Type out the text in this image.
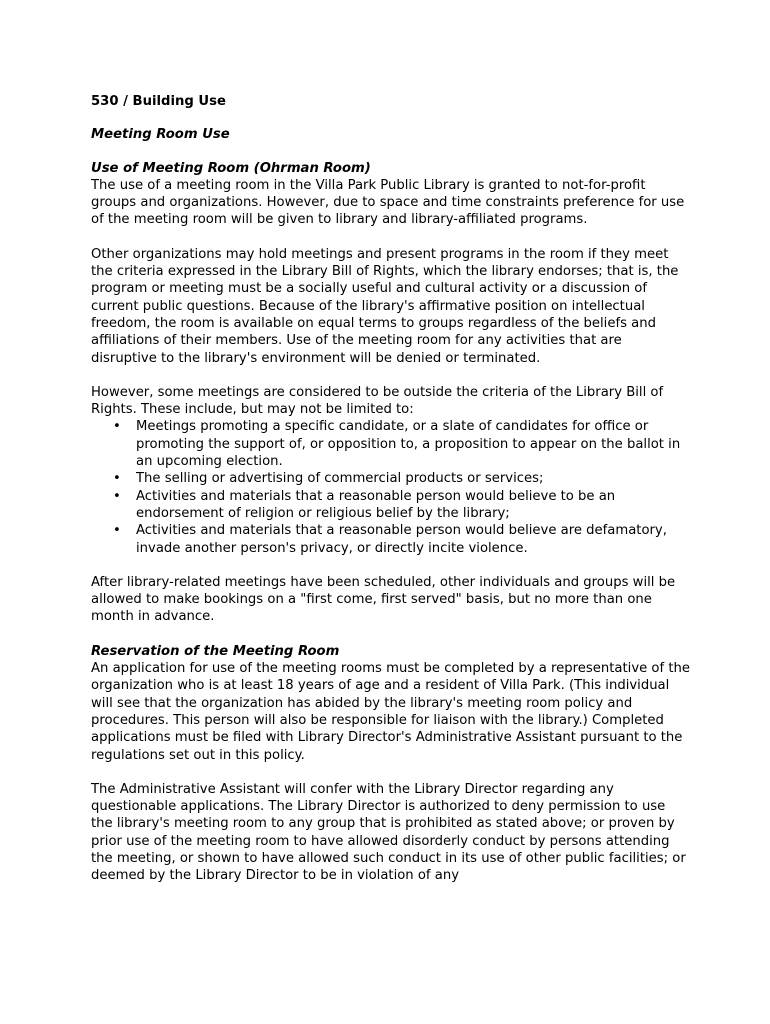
530 / Building Use

Meeting Room Use

Use of Meeting Room (Ohrman Room)

The use of a meeting room in the Villa Park Public Library is granted to not-for-profit groups and organizations. However, due to space and time constraints preference for use of the meeting room will be given to library and library-affiliated programs.

Other organizations may hold meetings and present programs in the room if they meet the criteria expressed in the Library Bill of Rights, which the library endorses; that is, the program or meeting must be a socially useful and cultural activity or a discussion of current public questions. Because of the library's affirmative position on intellectual freedom, the room is available on equal terms to groups regardless of the beliefs and affiliations of their members. Use of the meeting room for any activities that are disruptive to the library's environment will be denied or terminated.

However, some meetings are considered to be outside the criteria of the Library Bill of Rights. These include, but may not be limited to:

• Meetings promoting a specific candidate, or a slate of candidates for office or promoting the support of, or opposition to, a proposition to appear on the ballot in an upcoming election.
• The selling or advertising of commercial products or services;
• Activities and materials that a reasonable person would believe to be an endorsement of religion or religious belief by the library;
• Activities and materials that a reasonable person would believe are defamatory, invade another person's privacy, or directly incite violence.

After library-related meetings have been scheduled, other individuals and groups will be allowed to make bookings on a "first come, first served" basis, but no more than one month in advance.

Reservation of the Meeting Room

An application for use of the meeting rooms must be completed by a representative of the organization who is at least 18 years of age and a resident of Villa Park. (This individual will see that the organization has abided by the library's meeting room policy and procedures. This person will also be responsible for liaison with the library.) Completed applications must be filed with Library Director's Administrative Assistant pursuant to the regulations set out in this policy.

The Administrative Assistant will confer with the Library Director regarding any questionable applications. The Library Director is authorized to deny permission to use the library's meeting room to any group that is prohibited as stated above; or proven by prior use of the meeting room to have allowed disorderly conduct by persons attending the meeting, or shown to have allowed such conduct in its use of other public facilities; or deemed by the Library Director to be in violation of any
